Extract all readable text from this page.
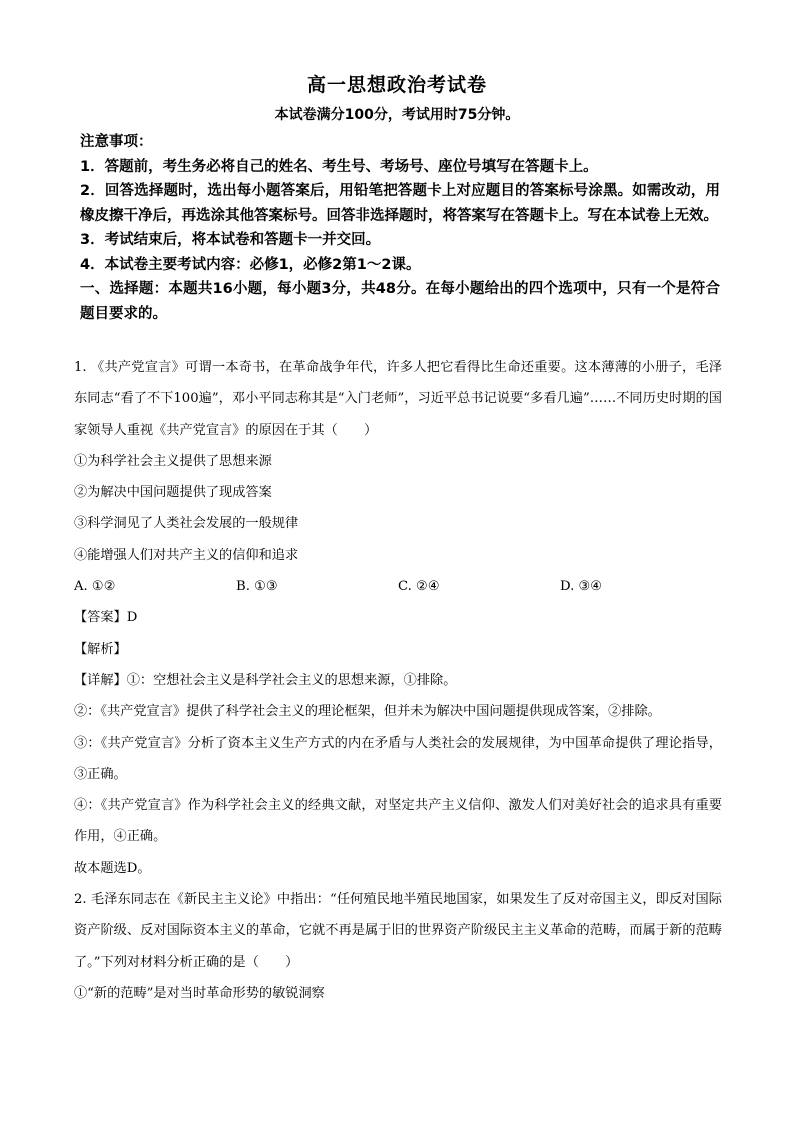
高一思想政治考试卷
本试卷满分100分，考试用时75分钟。

注意事项：

1．答题前，考生务必将自己的姓名、考生号、考场号、座位号填写在答题卡上。

2．回答选择题时，选出每小题答案后，用铅笔把答题卡上对应题目的答案标号涂黑。如需改动，用橡皮擦干净后，再选涂其他答案标号。回答非选择题时，将答案写在答题卡上。写在本试卷上无效。

3．考试结束后，将本试卷和答题卡一并交回。

4．本试卷主要考试内容：必修1，必修2第1～2课。

一、选择题：本题共16小题，每小题3分，共48分。在每小题给出的四个选项中，只有一个是符合题目要求的。

1. 《共产党宣言》可谓一本奇书，在革命战争年代，许多人把它看得比生命还重要。这本薄薄的小册子，毛泽东同志“看了不下100遍”，邓小平同志称其是“入门老师”，习近平总书记说要“多看几遍”……不同历史时期的国家领导人重视《共产党宣言》的原因在于其（　　）

①为科学社会主义提供了思想来源

②为解决中国问题提供了现成答案

③科学洞见了人类社会发展的一般规律

④能增强人们对共产主义的信仰和追求

A. ①②	B. ①③	C. ②④	D. ③④

【答案】D

【解析】

【详解】①：空想社会主义是科学社会主义的思想来源，①排除。

②：《共产党宣言》提供了科学社会主义的理论框架，但并未为解决中国问题提供现成答案，②排除。

③：《共产党宣言》分析了资本主义生产方式的内在矛盾与人类社会的发展规律，为中国革命提供了理论指导，③正确。

④：《共产党宣言》作为科学社会主义的经典文献，对坚定共产主义信仰、激发人们对美好社会的追求具有重要作用，④正确。

故本题选D。

2. 毛泽东同志在《新民主主义论》中指出：“任何殖民地半殖民地国家，如果发生了反对帝国主义，即反对国际资产阶级、反对国际资本主义的革命，它就不再是属于旧的世界资产阶级民主主义革命的范畴，而属于新的范畴了。”下列对材料分析正确的是（　　）

①“新的范畴”是对当时革命形势的敏锐洞察
